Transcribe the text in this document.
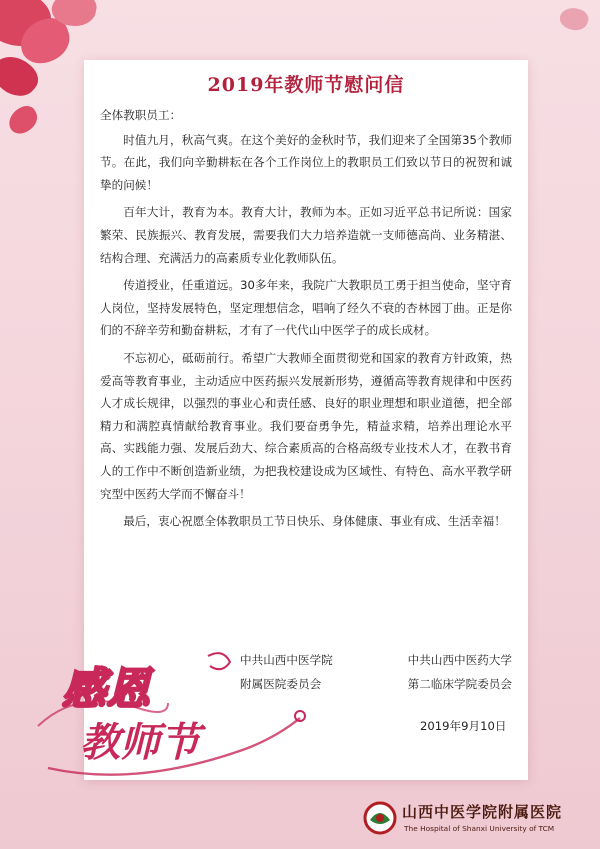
2019年教师节慰问信

全体教职员工：

时值九月，秋高气爽。在这个美好的金秋时节，我们迎来了全国第35个教师节。在此，我们向辛勤耕耘在各个工作岗位上的教职员工们致以节日的祝贺和诚挚的问候！

百年大计，教育为本。教育大计，教师为本。正如习近平总书记所说：国家繁荣、民族振兴、教育发展，需要我们大力培养造就一支师德高尚、业务精湛、结构合理、充满活力的高素质专业化教师队伍。

传道授业，任重道远。30多年来，我院广大教职员工勇于担当使命，坚守育人岗位，坚持发展特色，坚定理想信念，唱响了经久不衰的杏林园丁曲。正是你们的不辞辛劳和勤奋耕耘，才有了一代代山中医学子的成长成材。

不忘初心，砥砺前行。希望广大教师全面贯彻党和国家的教育方针政策，热爱高等教育事业，主动适应中医药振兴发展新形势，遵循高等教育规律和中医药人才成长规律，以强烈的事业心和责任感、良好的职业理想和职业道德，把全部精力和满腔真情献给教育事业。我们要奋勇争先，精益求精，培养出理论水平高、实践能力强、发展后劲大、综合素质高的合格高级专业技术人才，在教书育人的工作中不断创造新业绩，为把我校建设成为区域性、有特色、高水平教学研究型中医药大学而不懈奋斗！

最后，衷心祝愿全体教职员工节日快乐、身体健康、事业有成、生活幸福！

中共山西中医学院
附属医院委员会
中共山西中医药大学
第二临床学院委员会
2019年9月10日
感恩
教师节
山西中医学院附属医院
The Hospital of Shanxi University of TCM
